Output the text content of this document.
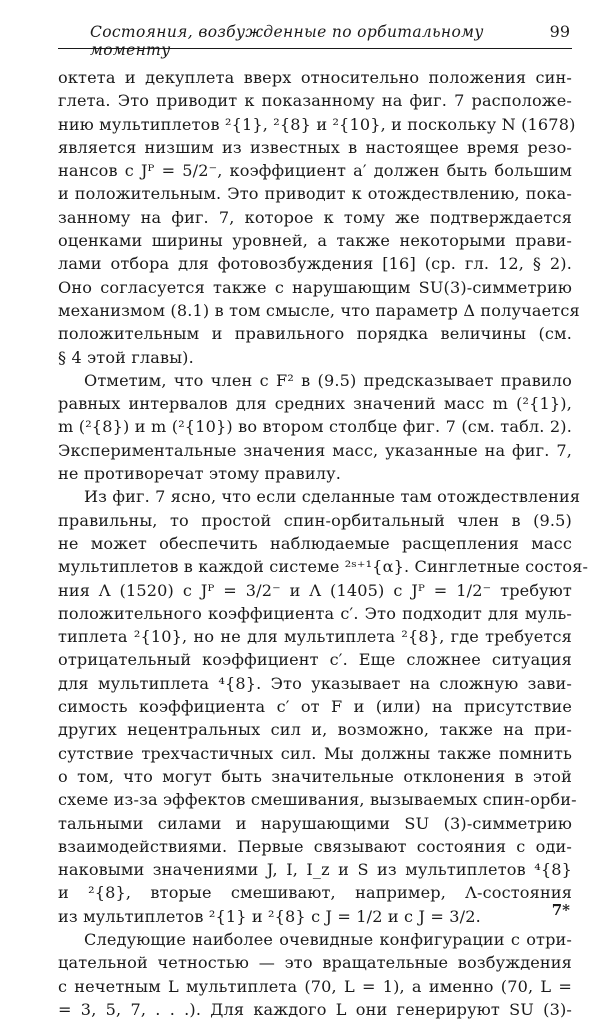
Состояния, возбужденные по орбитальному моменту
99
октета и декуплета вверх относительно положения син-
глета. Это приводит к показанному на фиг. 7 расположе-
нию мультиплетов ²{1}, ²{8} и ²{10}, и поскольку N (1678)
является низшим из известных в настоящее время резо-
нансов с Jᴾ = 5/2⁻, коэффициент a′ должен быть большим
и положительным. Это приводит к отождествлению, пока-
занному на фиг. 7, которое к тому же подтверждается
оценками ширины уровней, а также некоторыми прави-
лами отбора для фотовозбуждения [16] (ср. гл. 12, § 2).
Оно согласуется также с нарушающим SU(3)-симметрию
механизмом (8.1) в том смысле, что параметр Δ получается
положительным и правильного порядка величины (см.
§ 4 этой главы).
Отметим, что член с F² в (9.5) предсказывает правило
равных интервалов для средних значений масс m (²{1}),
m (²{8}) и m (²{10}) во втором столбце фиг. 7 (см. табл. 2).
Экспериментальные значения масс, указанные на фиг. 7,
не противоречат этому правилу.
Из фиг. 7 ясно, что если сделанные там отождествления
правильны, то простой спин-орбитальный член в (9.5)
не может обеспечить наблюдаемые расщепления масс
мультиплетов в каждой системе ²ˢ⁺¹{α}. Синглетные состоя-
ния Λ (1520) с Jᴾ = 3/2⁻ и Λ (1405) с Jᴾ = 1/2⁻ требуют
положительного коэффициента c′. Это подходит для муль-
типлета ²{10}, но не для мультиплета ²{8}, где требуется
отрицательный коэффициент c′. Еще сложнее ситуация
для мультиплета ⁴{8}. Это указывает на сложную зави-
симость коэффициента c′ от F и (или) на присутствие
других нецентральных сил и, возможно, также на при-
сутствие трехчастичных сил. Мы должны также помнить
о том, что могут быть значительные отклонения в этой
схеме из-за эффектов смешивания, вызываемых спин-орби-
тальными силами и нарушающими SU (3)-симметрию
взаимодействиями. Первые связывают состояния с оди-
наковыми значениями J, I, I_z и S из мультиплетов ⁴{8}
и ²{8}, вторые смешивают, например, Λ-состояния
из мультиплетов ²{1} и ²{8} с J = 1/2 и с J = 3/2.
Следующие наиболее очевидные конфигурации с отри-
цательной четностью — это вращательные возбуждения
с нечетным L мультиплета (70, L = 1), а именно (70, L =
= 3, 5, 7, . . .). Для каждого L они генерируют SU (3)-
7*
